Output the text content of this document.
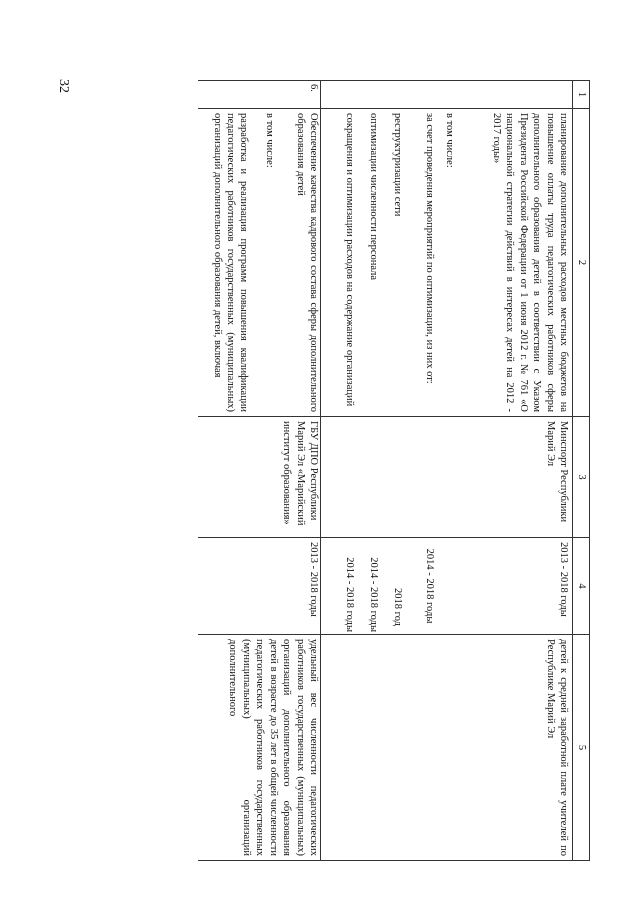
32
1	2	3	4	5
	планирование дополнительных расходов местных бюджетов на повышение оплаты труда педагогических работников сферы дополнительного образования детей в соответствии с Указом Президента Российской Федерации от 1 июня 2012 г. № 761 «О национальной стратегии действий в интересах детей на 2012 - 2017 годы»	Минспорт Республики Марий Эл	2013 - 2018 годы	детей к средней заработной плате учителей по Республике Марий Эл
	в том числе:			
	за счет проведения мероприятий по оптимизации, из них от:		2014 - 2018 годы	
	реструктуризации сети		2018 год	
	оптимизации численности персонала		2014 - 2018 годы	
	сокращения и оптимизации расходов на содержание организаций		2014 - 2018 годы	
6.	Обеспечение качества кадрового состава сферы дополнительного образования детей	ГБУ ДПО Республики Марий Эл «Марийский институт образования»	2013 - 2018 годы	удельный вес численности педагогических работников государственных (муниципальных) организаций дополнительного образования детей в возрасте до 35 лет в общей численности педагогических работников государственных (муниципальных) организаций дополнительного
	в том числе:			
	разработка и реализация программ повышения квалификации педагогических работников государственных (муниципальных) организаций дополнительного образования детей, включая			
